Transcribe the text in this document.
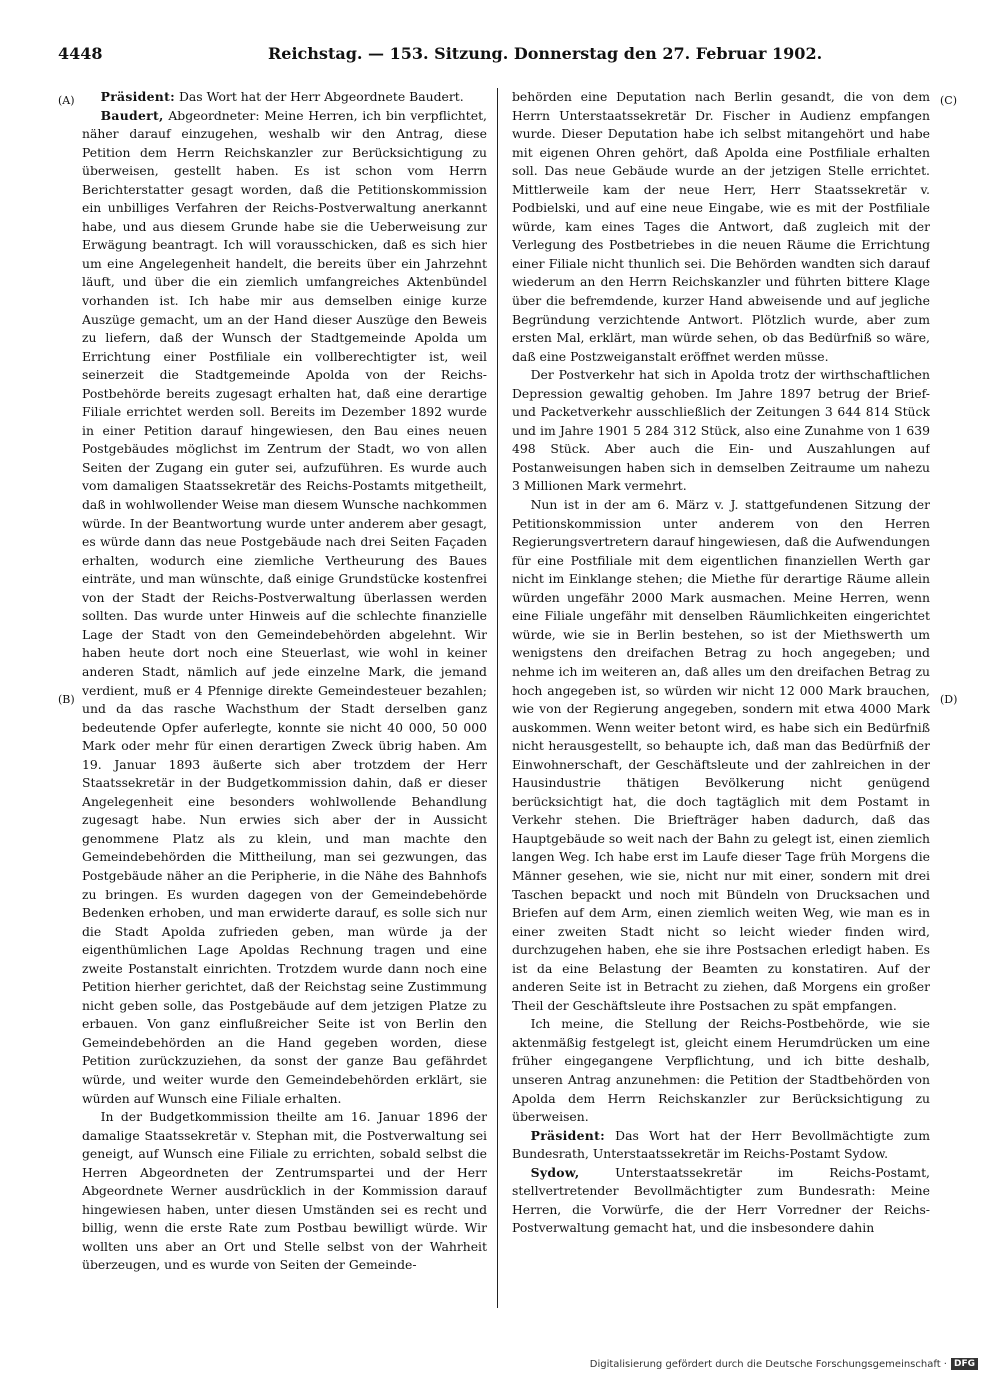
4448	Reichstag. — 153. Sitzung. Donnerstag den 27. Februar 1902.
(A)
(B)
(C)
(D)

Präsident: Das Wort hat der Herr Abgeordnete Baudert.

Baudert, Abgeordneter: Meine Herren, ich bin verpflichtet, näher darauf einzugehen, weshalb wir den Antrag, diese Petition dem Herrn Reichskanzler zur Berücksichtigung zu überweisen, gestellt haben. Es ist schon vom Herrn Berichterstatter gesagt worden, daß die Petitionskommission ein unbilliges Verfahren der Reichs-Postverwaltung anerkannt habe, und aus diesem Grunde habe sie die Ueberweisung zur Erwägung beantragt. Ich will vorausschicken, daß es sich hier um eine Angelegenheit handelt, die bereits über ein Jahrzehnt läuft, und über die ein ziemlich umfangreiches Aktenbündel vorhanden ist. Ich habe mir aus demselben einige kurze Auszüge gemacht, um an der Hand dieser Auszüge den Beweis zu liefern, daß der Wunsch der Stadtgemeinde Apolda um Errichtung einer Postfiliale ein vollberechtigter ist, weil seinerzeit die Stadtgemeinde Apolda von der Reichs-Postbehörde bereits zugesagt erhalten hat, daß eine derartige Filiale errichtet werden soll. Bereits im Dezember 1892 wurde in einer Petition darauf hingewiesen, den Bau eines neuen Postgebäudes möglichst im Zentrum der Stadt, wo von allen Seiten der Zugang ein guter sei, aufzuführen. Es wurde auch vom damaligen Staatssekretär des Reichs-Postamts mitgetheilt, daß in wohlwollender Weise man diesem Wunsche nachkommen würde. In der Beantwortung wurde unter anderem aber gesagt, es würde dann das neue Postgebäude nach drei Seiten Façaden erhalten, wodurch eine ziemliche Vertheurung des Baues einträte, und man wünschte, daß einige Grundstücke kostenfrei von der Stadt der Reichs-Postverwaltung überlassen werden sollten. Das wurde unter Hinweis auf die schlechte finanzielle Lage der Stadt von den Gemeindebehörden abgelehnt. Wir haben heute dort noch eine Steuerlast, wie wohl in keiner anderen Stadt, nämlich auf jede einzelne Mark, die jemand verdient, muß er 4 Pfennige direkte Gemeindesteuer bezahlen; und da das rasche Wachsthum der Stadt derselben ganz bedeutende Opfer auferlegte, konnte sie nicht 40 000, 50 000 Mark oder mehr für einen derartigen Zweck übrig haben. Am 19. Januar 1893 äußerte sich aber trotzdem der Herr Staatssekretär in der Budgetkommission dahin, daß er dieser Angelegenheit eine besonders wohlwollende Behandlung zugesagt habe. Nun erwies sich aber der in Aussicht genommene Platz als zu klein, und man machte den Gemeindebehörden die Mittheilung, man sei gezwungen, das Postgebäude näher an die Peripherie, in die Nähe des Bahnhofs zu bringen. Es wurden dagegen von der Gemeindebehörde Bedenken erhoben, und man erwiderte darauf, es solle sich nur die Stadt Apolda zufrieden geben, man würde ja der eigenthümlichen Lage Apoldas Rechnung tragen und eine zweite Postanstalt einrichten. Trotzdem wurde dann noch eine Petition hierher gerichtet, daß der Reichstag seine Zustimmung nicht geben solle, das Postgebäude auf dem jetzigen Platze zu erbauen. Von ganz einflußreicher Seite ist von Berlin den Gemeindebehörden an die Hand gegeben worden, diese Petition zurückzuziehen, da sonst der ganze Bau gefährdet würde, und weiter wurde den Gemeindebehörden erklärt, sie würden auf Wunsch eine Filiale erhalten.

In der Budgetkommission theilte am 16. Januar 1896 der damalige Staatssekretär v. Stephan mit, die Postverwaltung sei geneigt, auf Wunsch eine Filiale zu errichten, sobald selbst die Herren Abgeordneten der Zentrumspartei und der Herr Abgeordnete Werner ausdrücklich in der Kommission darauf hingewiesen haben, unter diesen Umständen sei es recht und billig, wenn die erste Rate zum Postbau bewilligt würde. Wir wollten uns aber an Ort und Stelle selbst von der Wahrheit überzeugen, und es wurde von Seiten der Gemeinde-

behörden eine Deputation nach Berlin gesandt, die von dem Herrn Unterstaatssekretär Dr. Fischer in Audienz empfangen wurde. Dieser Deputation habe ich selbst mitangehört und habe mit eigenen Ohren gehört, daß Apolda eine Postfiliale erhalten soll. Das neue Gebäude wurde an der jetzigen Stelle errichtet. Mittlerweile kam der neue Herr, Herr Staatssekretär v. Podbielski, und auf eine neue Eingabe, wie es mit der Postfiliale würde, kam eines Tages die Antwort, daß zugleich mit der Verlegung des Postbetriebes in die neuen Räume die Errichtung einer Filiale nicht thunlich sei. Die Behörden wandten sich darauf wiederum an den Herrn Reichskanzler und führten bittere Klage über die befremdende, kurzer Hand abweisende und auf jegliche Begründung verzichtende Antwort. Plötzlich wurde, aber zum ersten Mal, erklärt, man würde sehen, ob das Bedürfniß so wäre, daß eine Postzweiganstalt eröffnet werden müsse.

Der Postverkehr hat sich in Apolda trotz der wirthschaftlichen Depression gewaltig gehoben. Im Jahre 1897 betrug der Brief- und Packetverkehr ausschließlich der Zeitungen 3 644 814 Stück und im Jahre 1901 5 284 312 Stück, also eine Zunahme von 1 639 498 Stück. Aber auch die Ein- und Auszahlungen auf Postanweisungen haben sich in demselben Zeitraume um nahezu 3 Millionen Mark vermehrt.

Nun ist in der am 6. März v. J. stattgefundenen Sitzung der Petitionskommission unter anderem von den Herren Regierungsvertretern darauf hingewiesen, daß die Aufwendungen für eine Postfiliale mit dem eigentlichen finanziellen Werth gar nicht im Einklange stehen; die Miethe für derartige Räume allein würden ungefähr 2000 Mark ausmachen. Meine Herren, wenn eine Filiale ungefähr mit denselben Räumlichkeiten eingerichtet würde, wie sie in Berlin bestehen, so ist der Miethswerth um wenigstens den dreifachen Betrag zu hoch angegeben; und nehme ich im weiteren an, daß alles um den dreifachen Betrag zu hoch angegeben ist, so würden wir nicht 12 000 Mark brauchen, wie von der Regierung angegeben, sondern mit etwa 4000 Mark auskommen. Wenn weiter betont wird, es habe sich ein Bedürfniß nicht herausgestellt, so behaupte ich, daß man das Bedürfniß der Einwohnerschaft, der Geschäftsleute und der zahlreichen in der Hausindustrie thätigen Bevölkerung nicht genügend berücksichtigt hat, die doch tagtäglich mit dem Postamt in Verkehr stehen. Die Briefträger haben dadurch, daß das Hauptgebäude so weit nach der Bahn zu gelegt ist, einen ziemlich langen Weg. Ich habe erst im Laufe dieser Tage früh Morgens die Männer gesehen, wie sie, nicht nur mit einer, sondern mit drei Taschen bepackt und noch mit Bündeln von Drucksachen und Briefen auf dem Arm, einen ziemlich weiten Weg, wie man es in einer zweiten Stadt nicht so leicht wieder finden wird, durchzugehen haben, ehe sie ihre Postsachen erledigt haben. Es ist da eine Belastung der Beamten zu konstatiren. Auf der anderen Seite ist in Betracht zu ziehen, daß Morgens ein großer Theil der Geschäftsleute ihre Postsachen zu spät empfangen.

Ich meine, die Stellung der Reichs-Postbehörde, wie sie aktenmäßig festgelegt ist, gleicht einem Herumdrücken um eine früher eingegangene Verpflichtung, und ich bitte deshalb, unseren Antrag anzunehmen: die Petition der Stadtbehörden von Apolda dem Herrn Reichskanzler zur Berücksichtigung zu überweisen.

Präsident: Das Wort hat der Herr Bevollmächtigte zum Bundesrath, Unterstaatssekretär im Reichs-Postamt Sydow.

Sydow, Unterstaatssekretär im Reichs-Postamt, stellvertretender Bevollmächtigter zum Bundesrath: Meine Herren, die Vorwürfe, die der Herr Vorredner der Reichs-Postverwaltung gemacht hat, und die insbesondere dahin

Digitalisierung gefördert durch die Deutsche Forschungsgemeinschaft · DFG
